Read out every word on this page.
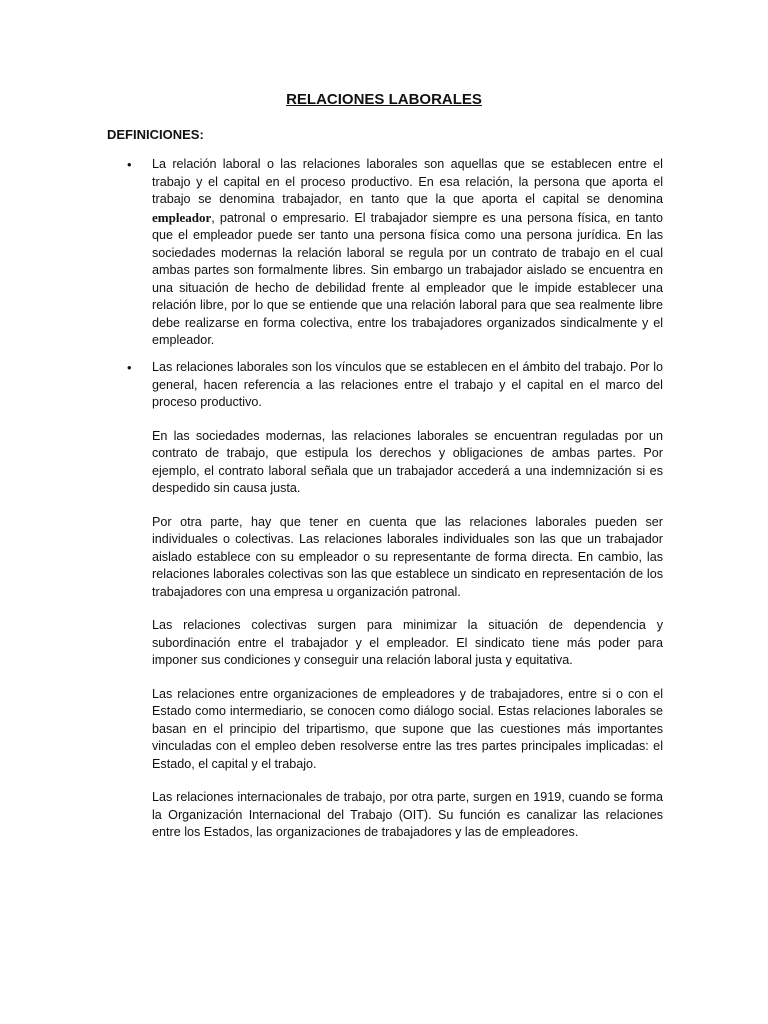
RELACIONES LABORALES
DEFINICIONES:
• La relación laboral o las relaciones laborales son aquellas que se establecen entre el trabajo y el capital en el proceso productivo. En esa relación, la persona que aporta el trabajo se denomina trabajador, en tanto que la que aporta el capital se denomina empleador, patronal o empresario. El trabajador siempre es una persona física, en tanto que el empleador puede ser tanto una persona física como una persona jurídica. En las sociedades modernas la relación laboral se regula por un contrato de trabajo en el cual ambas partes son formalmente libres. Sin embargo un trabajador aislado se encuentra en una situación de hecho de debilidad frente al empleador que le impide establecer una relación libre, por lo que se entiende que una relación laboral para que sea realmente libre debe realizarse en forma colectiva, entre los trabajadores organizados sindicalmente y el empleador.

• Las relaciones laborales son los vínculos que se establecen en el ámbito del trabajo. Por lo general, hacen referencia a las relaciones entre el trabajo y el capital en el marco del proceso productivo.

En las sociedades modernas, las relaciones laborales se encuentran reguladas por un contrato de trabajo, que estipula los derechos y obligaciones de ambas partes. Por ejemplo, el contrato laboral señala que un trabajador accederá a una indemnización si es despedido sin causa justa.

Por otra parte, hay que tener en cuenta que las relaciones laborales pueden ser individuales o colectivas. Las relaciones laborales individuales son las que un trabajador aislado establece con su empleador o su representante de forma directa. En cambio, las relaciones laborales colectivas son las que establece un sindicato en representación de los trabajadores con una empresa u organización patronal.

Las relaciones colectivas surgen para minimizar la situación de dependencia y subordinación entre el trabajador y el empleador. El sindicato tiene más poder para imponer sus condiciones y conseguir una relación laboral justa y equitativa.

Las relaciones entre organizaciones de empleadores y de trabajadores, entre si o con el Estado como intermediario, se conocen como diálogo social. Estas relaciones laborales se basan en el principio del tripartismo, que supone que las cuestiones más importantes vinculadas con el empleo deben resolverse entre las tres partes principales implicadas: el Estado, el capital y el trabajo.

Las relaciones internacionales de trabajo, por otra parte, surgen en 1919, cuando se forma la Organización Internacional del Trabajo (OIT). Su función es canalizar las relaciones entre los Estados, las organizaciones de trabajadores y las de empleadores.
